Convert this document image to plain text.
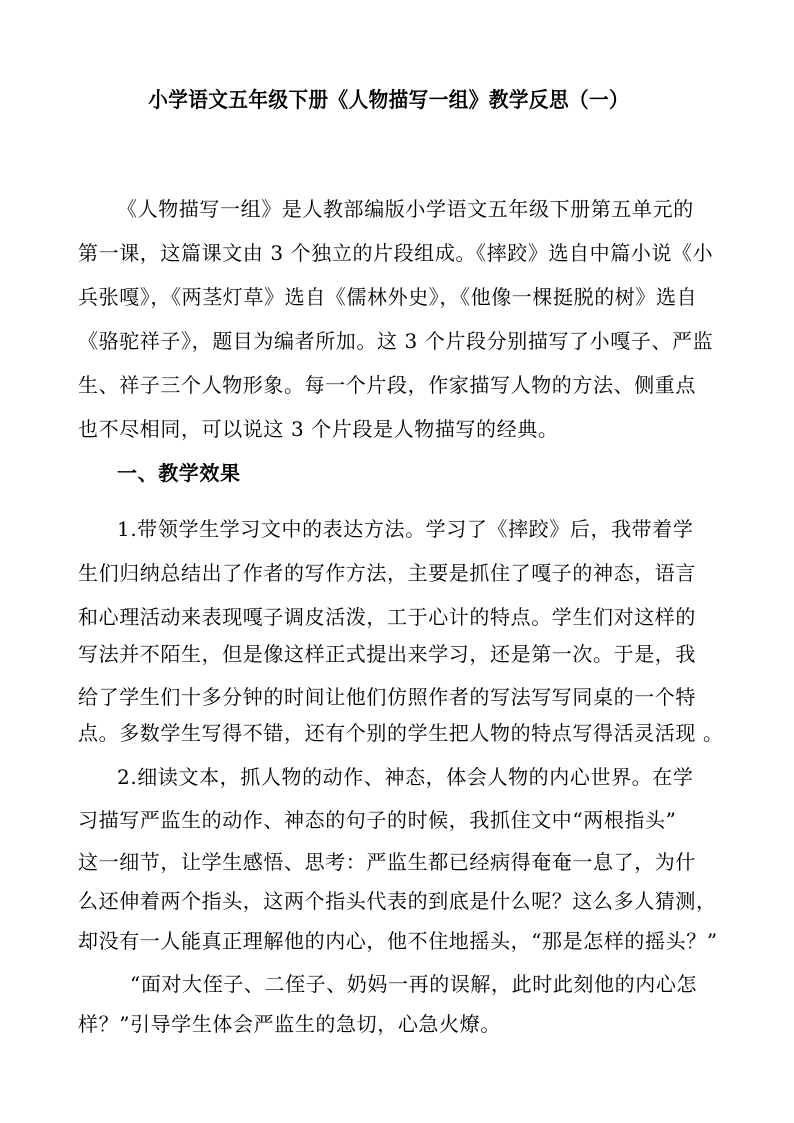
小学语文五年级下册《人物描写一组》教学反思（一）
《人物描写一组》是人教部编版小学语文五年级下册第五单元的
第一课，这篇课文由 3 个独立的片段组成。《摔跤》选自中篇小说《小
兵张嘎》，《两茎灯草》选自《儒林外史》，《他像一棵挺脱的树》选自
《骆驼祥子》，题目为编者所加。这 3 个片段分别描写了小嘎子、严监
生、祥子三个人物形象。每一个片段，作家描写人物的方法、侧重点
也不尽相同，可以说这 3 个片段是人物描写的经典。
一、教学效果
1.带领学生学习文中的表达方法。学习了《摔跤》后，我带着学
生们归纳总结出了作者的写作方法，主要是抓住了嘎子的神态，语言
和心理活动来表现嘎子调皮活泼，工于心计的特点。学生们对这样的
写法并不陌生，但是像这样正式提出来学习，还是第一次。于是，我
给了学生们十多分钟的时间让他们仿照作者的写法写写同桌的一个特
点。多数学生写得不错，还有个别的学生把人物的特点写得活灵活现 。
2.细读文本，抓人物的动作、神态，体会人物的内心世界。在学
习描写严监生的动作、神态的句子的时候，我抓住文中“两根指头”
这一细节，让学生感悟、思考：严监生都已经病得奄奄一息了，为什
么还伸着两个指头，这两个指头代表的到底是什么呢？这么多人猜测，
却没有一人能真正理解他的内心，他不住地摇头，“那是怎样的摇头？”
“面对大侄子、二侄子、奶妈一再的误解，此时此刻他的内心怎
样？”引导学生体会严监生的急切，心急火燎。
